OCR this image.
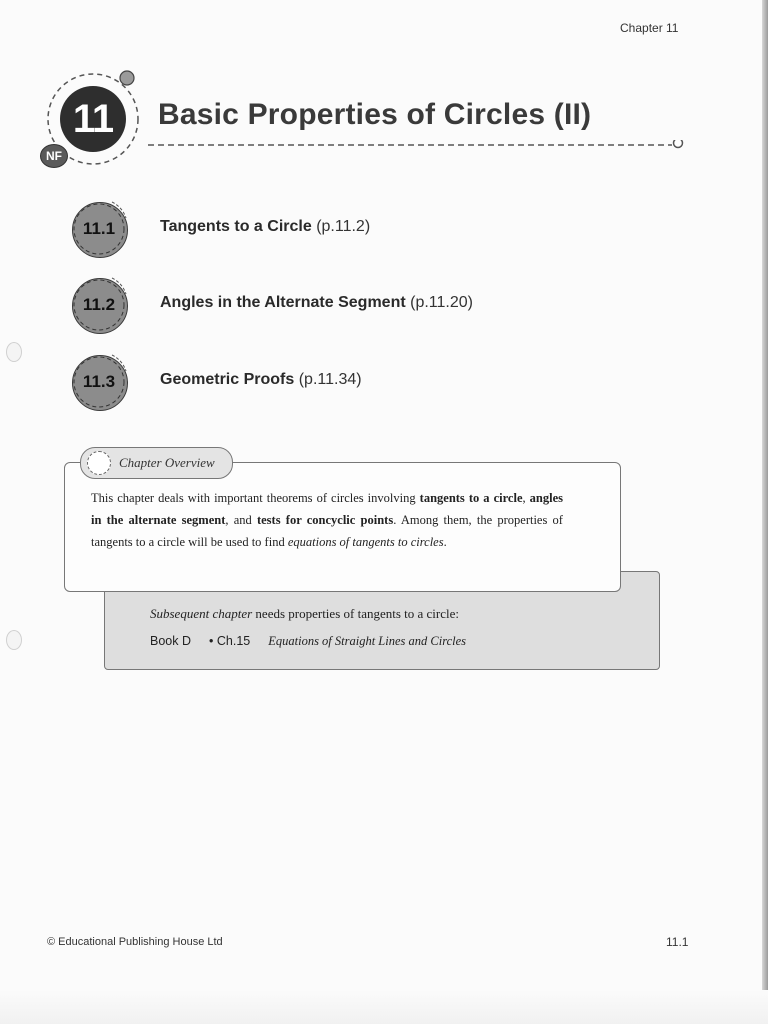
Chapter 11
11
NF
Basic Properties of Circles (II)
11.1	Tangents to a Circle (p.11.2)
11.2	Angles in the Alternate Segment (p.11.20)
11.3	Geometric Proofs (p.11.34)
Chapter Overview
This chapter deals with important theorems of circles involving tangents to a circle, angles in the alternate segment, and tests for concyclic points. Among them, the properties of tangents to a circle will be used to find equations of tangents to circles.
Subsequent chapter needs properties of tangents to a circle:
Book D • Ch.15 Equations of Straight Lines and Circles
© Educational Publishing House Ltd	11.1
